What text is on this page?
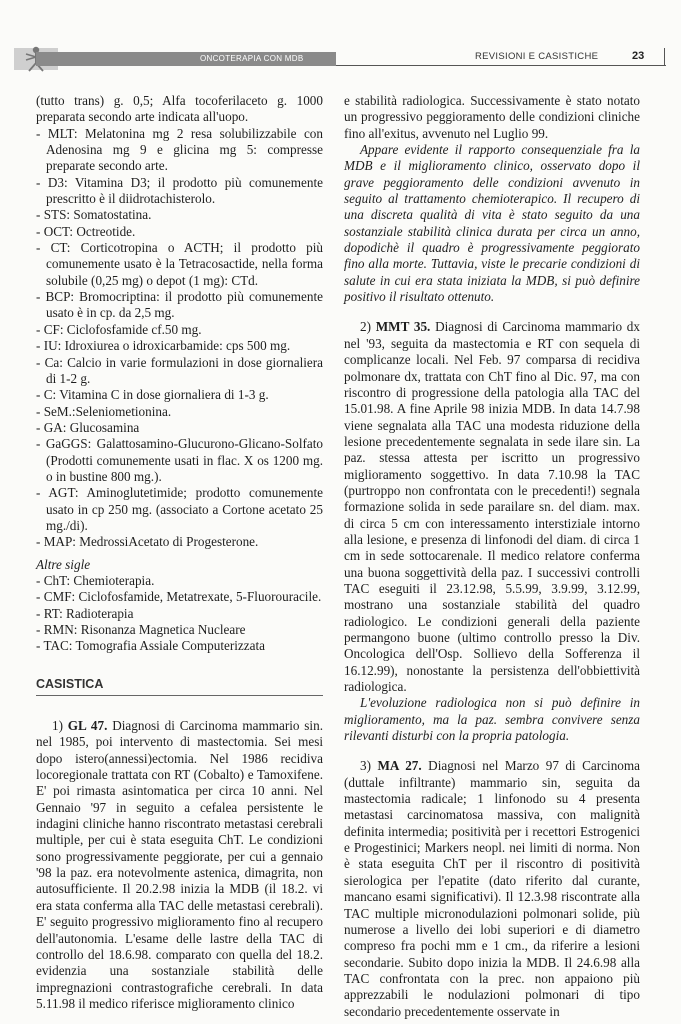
ONCOTERAPIA CON MDB	REVISIONI E CASISTICHE	23

(tutto trans) g. 0,5; Alfa tocoferilaceto g. 1000 preparata secondo arte indicata all'uopo.

- MLT: Melatonina mg 2 resa solubilizzabile con Adenosina mg 9 e glicina mg 5: compresse preparate secondo arte.

- D3: Vitamina D3; il prodotto più comunemente prescritto è il diidrotachisterolo.

- STS: Somatostatina.

- OCT: Octreotide.

- CT: Corticotropina o ACTH; il prodotto più comunemente usato è la Tetracosactide, nella forma solubile (0,25 mg) o depot (1 mg): CTd.

- BCP: Bromocriptina: il prodotto più comunemente usato è in cp. da 2,5 mg.

- CF: Ciclofosfamide cf.50 mg.

- IU: Idroxiurea o idroxicarbamide: cps 500 mg.

- Ca: Calcio in varie formulazioni in dose giornaliera di 1-2 g.

- C: Vitamina C in dose giornaliera di 1-3 g.

- SeM.:Seleniometionina.

- GA: Glucosamina

- GaGGS: Galattosamino-Glucurono-Glicano-Solfato (Prodotti comunemente usati in flac. X os 1200 mg. o in bustine 800 mg.).

- AGT: Aminoglutetimide; prodotto comunemente usato in cp 250 mg. (associato a Cortone acetato 25 mg./di).

- MAP: MedrossiAcetato di Progesterone.

Altre sigle

- ChT: Chemioterapia.

- CMF: Ciclofosfamide, Metatrexate, 5-Fluorouracile.

- RT: Radioterapia

- RMN: Risonanza Magnetica Nucleare

- TAC: Tomografia Assiale Computerizzata

CASISTICA

1) GL 47. Diagnosi di Carcinoma mammario sin. nel 1985, poi intervento di mastectomia. Sei mesi dopo istero(annessi)ectomia. Nel 1986 recidiva locoregionale trattata con RT (Cobalto) e Tamoxifene. E' poi rimasta asintomatica per circa 10 anni. Nel Gennaio '97 in seguito a cefalea persistente le indagini cliniche hanno riscontrato metastasi cerebrali multiple, per cui è stata eseguita ChT. Le condizioni sono progressivamente peggiorate, per cui a gennaio '98 la paz. era notevolmente astenica, dimagrita, non autosufficiente. Il 20.2.98 inizia la MDB (il 18.2. vi era stata conferma alla TAC delle metastasi cerebrali). E' seguito progressivo miglioramento fino al recupero dell'autonomia. L'esame delle lastre della TAC di controllo del 18.6.98. comparato con quella del 18.2. evidenzia una sostanziale stabilità delle impregnazioni contrastografiche cerebrali. In data 5.11.98 il medico riferisce miglioramento clinico

e stabilità radiologica. Successivamente è stato notato un progressivo peggioramento delle condizioni cliniche fino all'exitus, avvenuto nel Luglio 99.

Appare evidente il rapporto consequenziale fra la MDB e il miglioramento clinico, osservato dopo il grave peggioramento delle condizioni avvenuto in seguito al trattamento chemioterapico. Il recupero di una discreta qualità di vita è stato seguito da una sostanziale stabilità clinica durata per circa un anno, dopodichè il quadro è progressivamente peggiorato fino alla morte. Tuttavia, viste le precarie condizioni di salute in cui era stata iniziata la MDB, si può definire positivo il risultato ottenuto.

2) MMT 35. Diagnosi di Carcinoma mammario dx nel '93, seguita da mastectomia e RT con sequela di complicanze locali. Nel Feb. 97 comparsa di recidiva polmonare dx, trattata con ChT fino al Dic. 97, ma con riscontro di progressione della patologia alla TAC del 15.01.98. A fine Aprile 98 inizia MDB. In data 14.7.98 viene segnalata alla TAC una modesta riduzione della lesione precedentemente segnalata in sede ilare sin. La paz. stessa attesta per iscritto un progressivo miglioramento soggettivo. In data 7.10.98 la TAC (purtroppo non confrontata con le precedenti!) segnala formazione solida in sede parailare sn. del diam. max. di circa 5 cm con interessamento interstiziale intorno alla lesione, e presenza di linfonodi del diam. di circa 1 cm in sede sottocarenale. Il medico relatore conferma una buona soggettività della paz. I successivi controlli TAC eseguiti il 23.12.98, 5.5.99, 3.9.99, 3.12.99, mostrano una sostanziale stabilità del quadro radiologico. Le condizioni generali della paziente permangono buone (ultimo controllo presso la Div. Oncologica dell'Osp. Sollievo della Sofferenza il 16.12.99), nonostante la persistenza dell'obbiettività radiologica.

L'evoluzione radiologica non si può definire in miglioramento, ma la paz. sembra convivere senza rilevanti disturbi con la propria patologia.

3) MA 27. Diagnosi nel Marzo 97 di Carcinoma (duttale infiltrante) mammario sin, seguita da mastectomia radicale; 1 linfonodo su 4 presenta metastasi carcinomatosa massiva, con malignità definita intermedia; positività per i recettori Estrogenici e Progestinici; Markers neopl. nei limiti di norma. Non è stata eseguita ChT per il riscontro di positività sierologica per l'epatite (dato riferito dal curante, mancano esami significativi). Il 12.3.98 riscontrate alla TAC multiple micronodulazioni polmonari solide, più numerose a livello dei lobi superiori e di diametro compreso fra pochi mm e 1 cm., da riferire a lesioni secondarie. Subito dopo inizia la MDB. Il 24.6.98 alla TAC confrontata con la prec. non appaiono più apprezzabili le nodulazioni polmonari di tipo secondario precedentemente osservate in
